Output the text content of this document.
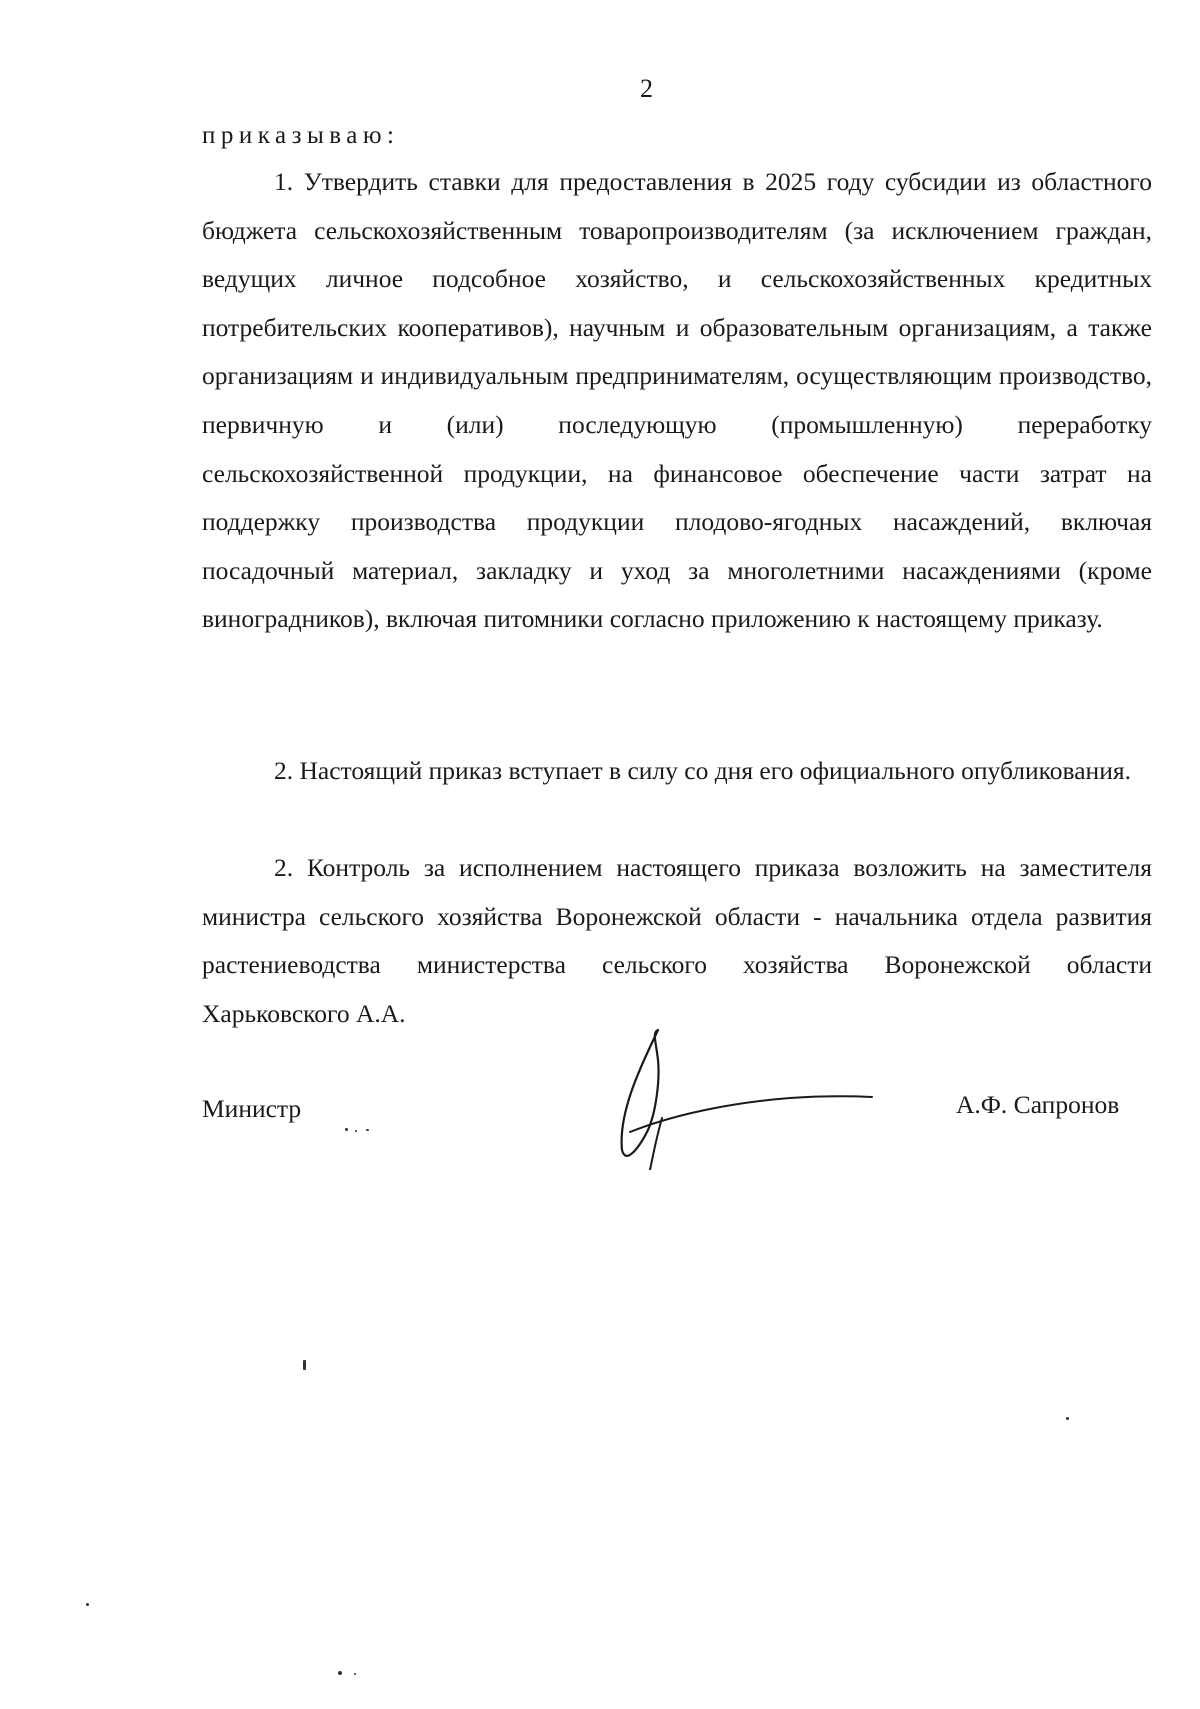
2
приказываю:

1. Утвердить ставки для предоставления в 2025 году субсидии из областного бюджета сельскохозяйственным товаропроизводителям (за исключением граждан, ведущих личное подсобное хозяйство, и сельскохозяйственных кредитных потребительских кооперативов), научным и образовательным организациям, а также организациям и индивидуальным предпринимателям, осуществляющим производство, первичную и (или) последующую (промышленную) переработку сельскохозяйственной продукции, на финансовое обеспечение части затрат на поддержку производства продукции плодово-ягодных насаждений, включая посадочный материал, закладку и уход за многолетними насаждениями (кроме виноградников), включая питомники согласно приложению к настоящему приказу.

2. Настоящий приказ вступает в силу со дня его официального опубликования.

2. Контроль за исполнением настоящего приказа возложить на заместителя министра сельского хозяйства Воронежской области - начальника отдела развития растениеводства министерства сельского хозяйства Воронежской области Харьковского А.А.

Министр	А.Ф. Сапронов
